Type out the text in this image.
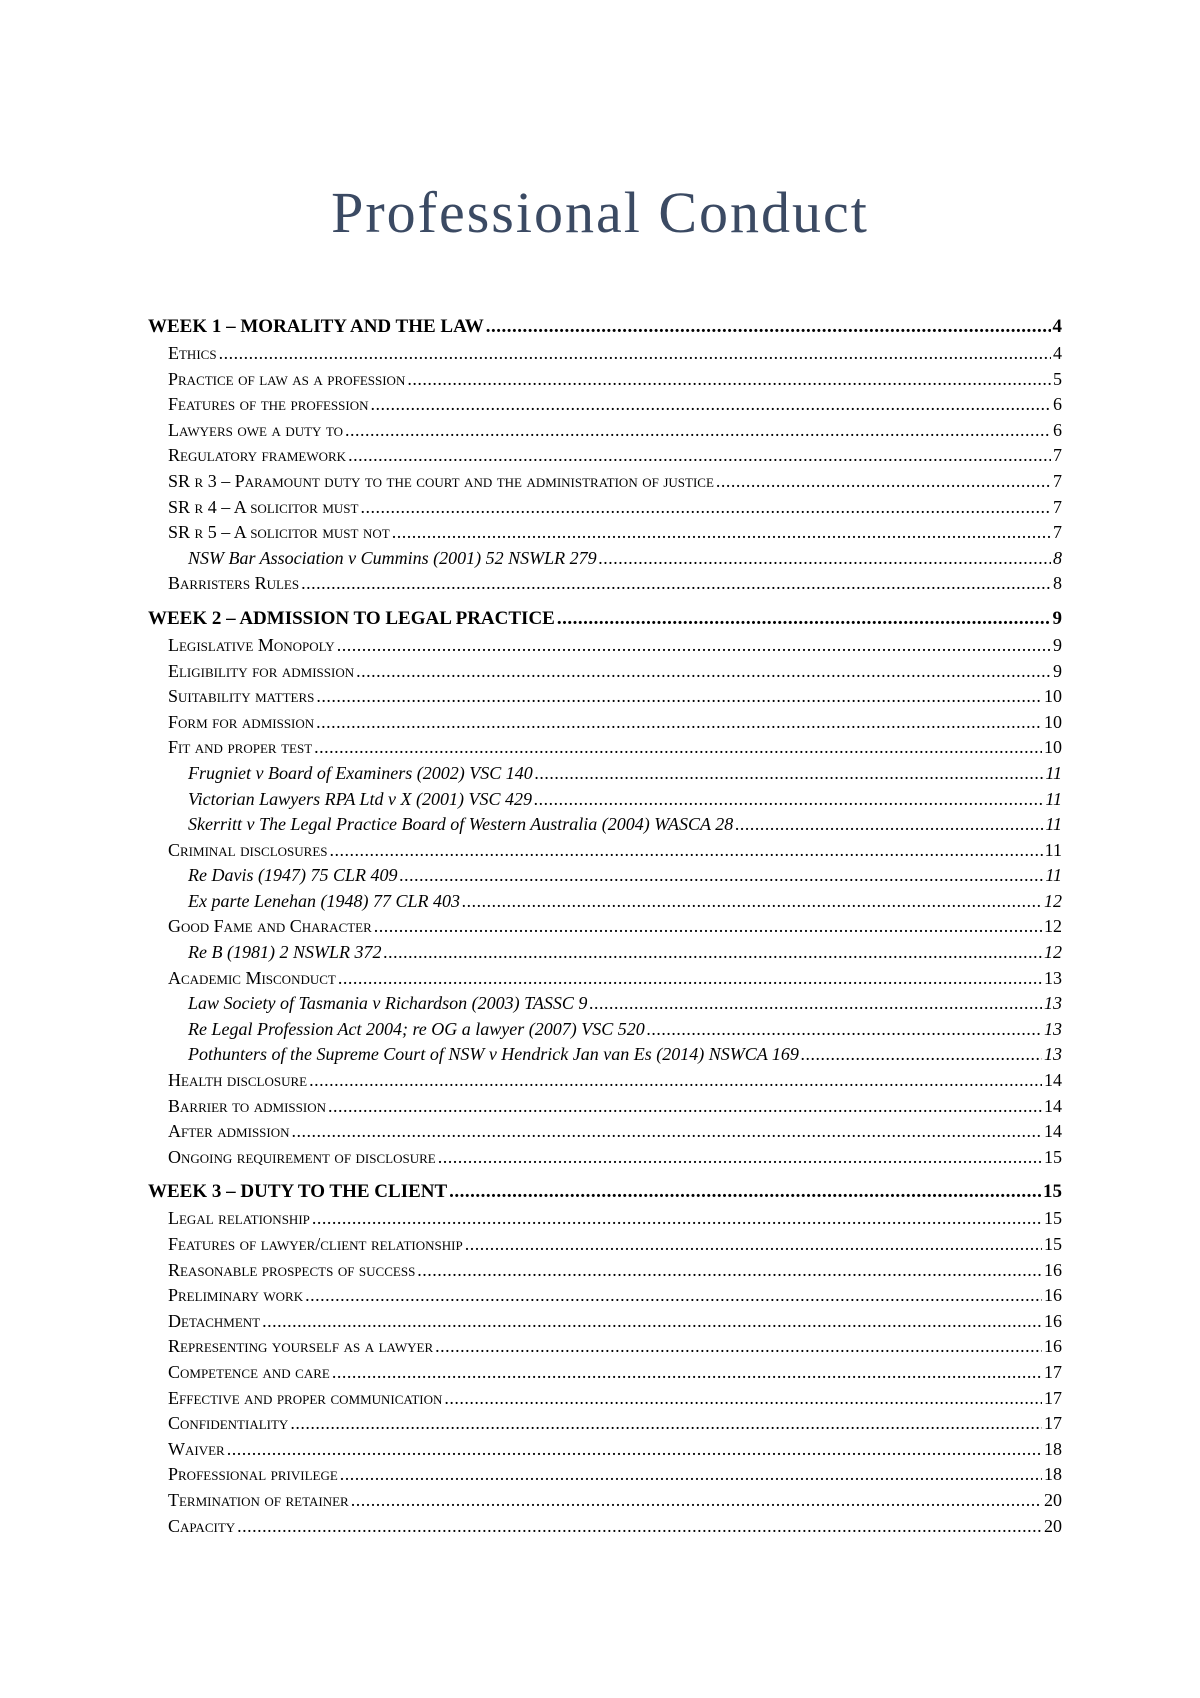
Professional Conduct
WEEK 1 – MORALITY AND THE LAW .....	4
Ethics .....	4
Practice of law as a profession .....	5
Features of the profession .....	6
Lawyers owe a duty to .....	6
Regulatory framework .....	7
SR r 3 – Paramount duty to the court and the administration of justice .....	7
SR r 4 – A solicitor must .....	7
SR r 5 – A solicitor must not .....	7
NSW Bar Association v Cummins (2001) 52 NSWLR 279 .....	8
Barristers Rules .....	8
WEEK 2 – ADMISSION TO LEGAL PRACTICE .....	9
Legislative Monopoly .....	9
Eligibility for admission .....	9
Suitability matters .....	10
Form for admission .....	10
Fit and proper test .....	10
Frugniet v Board of Examiners (2002) VSC 140 .....	11
Victorian Lawyers RPA Ltd v X (2001) VSC 429 .....	11
Skerritt v The Legal Practice Board of Western Australia (2004) WASCA 28 .....	11
Criminal disclosures .....	11
Re Davis (1947) 75 CLR 409 .....	11
Ex parte Lenehan (1948) 77 CLR 403 .....	12
Good Fame and Character .....	12
Re B (1981) 2 NSWLR 372 .....	12
Academic Misconduct .....	13
Law Society of Tasmania v Richardson (2003) TASSC 9 .....	13
Re Legal Profession Act 2004; re OG a lawyer (2007) VSC 520 .....	13
Pothunters of the Supreme Court of NSW v Hendrick Jan van Es (2014) NSWCA 169 .....	13
Health disclosure .....	14
Barrier to admission .....	14
After admission .....	14
Ongoing requirement of disclosure .....	15
WEEK 3 – DUTY TO THE CLIENT .....	15
Legal relationship .....	15
Features of lawyer/client relationship .....	15
Reasonable prospects of success .....	16
Preliminary work .....	16
Detachment .....	16
Representing yourself as a lawyer .....	16
Competence and care .....	17
Effective and proper communication .....	17
Confidentiality .....	17
Waiver .....	18
Professional privilege .....	18
Termination of retainer .....	20
Capacity .....	20
